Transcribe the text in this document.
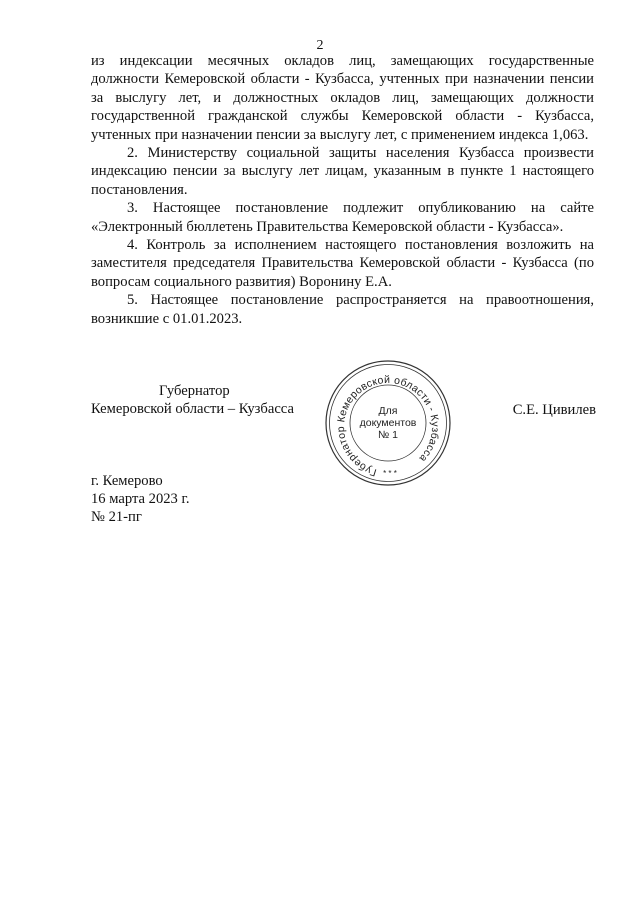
2

из индексации месячных окладов лиц, замещающих государственные должности Кемеровской области - Кузбасса, учтенных при назначении пенсии за выслугу лет, и должностных окладов лиц, замещающих должности государственной гражданской службы Кемеровской области - Кузбасса, учтенных при назначении пенсии за выслугу лет, с применением индекса 1,063.

2. Министерству социальной защиты населения Кузбасса произвести индексацию пенсии за выслугу лет лицам, указанным в пункте 1 настоящего постановления.

3. Настоящее постановление подлежит опубликованию на сайте «Электронный бюллетень Правительства Кемеровской области - Кузбасса».

4. Контроль за исполнением настоящего постановления возложить на заместителя председателя Правительства Кемеровской области - Кузбасса (по вопросам социального развития) Воронину Е.А.

5. Настоящее постановление распространяется на правоотношения, возникшие с 01.01.2023.

Губернатор
Кемеровской области – Кузбасса	С.Е. Цивилев
Губернатор Кемеровской области - Кузбасса
Для
документов
№ 1
* * *
г. Кемерово
16 марта 2023 г.
№ 21-пг
